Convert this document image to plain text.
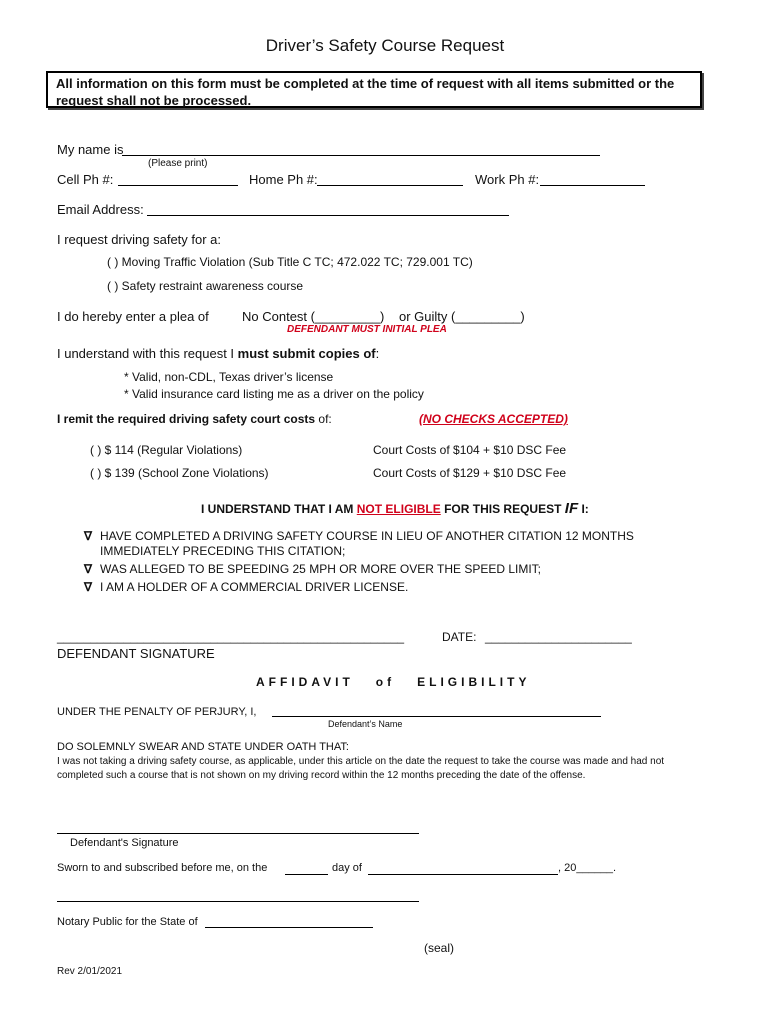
Driver’s Safety Course Request
All information on this form must be completed at the time of request with all items submitted or the request shall not be processed.
My name is
(Please print)
Cell Ph #:	Home Ph #:	Work Ph #:
Email Address:
I request driving safety for a:
( ) Moving Traffic Violation (Sub Title C TC; 472.022 TC; 729.001 TC)
( ) Safety restraint awareness course
I do hereby enter a plea of	No Contest (_________) or Guilty (_________)
DEFENDANT MUST INITIAL PLEA
I understand with this request I must submit copies of:
* Valid, non-CDL, Texas driver’s license
* Valid insurance card listing me as a driver on the policy
I remit the required driving safety court costs of:	(NO CHECKS ACCEPTED)
( ) $ 114 (Regular Violations)	Court Costs of $104 + $10 DSC Fee
( ) $ 139 (School Zone Violations)	Court Costs of $129 + $10 DSC Fee
I UNDERSTAND THAT I AM NOT ELIGIBLE FOR THIS REQUEST IF I:
∇ HAVE COMPLETED A DRIVING SAFETY COURSE IN LIEU OF ANOTHER CITATION 12 MONTHS
IMMEDIATELY PRECEDING THIS CITATION;
∇ WAS ALLEGED TO BE SPEEDING 25 MPH OR MORE OVER THE SPEED LIMIT;
∇ I AM A HOLDER OF A COMMERCIAL DRIVER LICENSE.
____________________________________________________	DATE: ______________________
DEFENDANT SIGNATURE
AFFIDAVIT of ELIGIBILITY
UNDER THE PENALTY OF PERJURY, I,
Defendant’s Name
DO SOLEMNLY SWEAR AND STATE UNDER OATH THAT:
I was not taking a driving safety course, as applicable, under this article on the date the request to take the course was made and had not completed such a course that is not shown on my driving record within the 12 months preceding the date of the offense.
Defendant's Signature
Sworn to and subscribed before me, on the	day of	, 20______.
Notary Public for the State of
(seal)
Rev 2/01/2021
